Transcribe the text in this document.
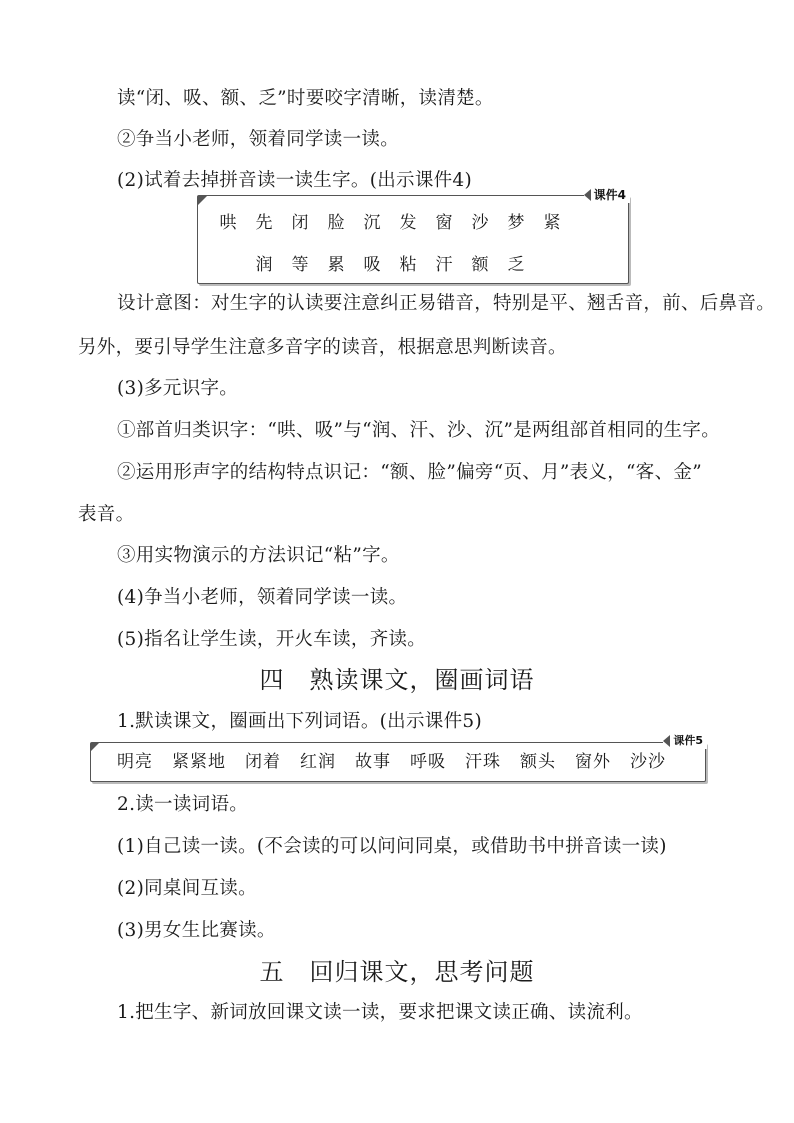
读“闭、吸、额、乏”时要咬字清晰，读清楚。
②争当小老师，领着同学读一读。
(2)试着去掉拼音读一读生字。(出示课件4)
课件4
哄	先	闭	脸	沉	发	窗	沙	梦	紧
润	等	累	吸	粘	汗	额	乏
设计意图：对生字的认读要注意纠正易错音，特别是平、翘舌音，前、后鼻音。
另外，要引导学生注意多音字的读音，根据意思判断读音。
(3)多元识字。
①部首归类识字：“哄、吸”与“润、汗、沙、沉”是两组部首相同的生字。
②运用形声字的结构特点识记：“额、脸”偏旁“页、月”表义，“客、金”
表音。
③用实物演示的方法识记“粘”字。
(4)争当小老师，领着同学读一读。
(5)指名让学生读，开火车读，齐读。
四　熟读课文，圈画词语
1.默读课文，圈画出下列词语。(出示课件5)
课件5
明亮 紧紧地 闭着 红润 故事 呼吸 汗珠 额头 窗外 沙沙
2.读一读词语。
(1)自己读一读。(不会读的可以问问同桌，或借助书中拼音读一读)
(2)同桌间互读。
(3)男女生比赛读。
五　回归课文，思考问题
1.把生字、新词放回课文读一读，要求把课文读正确、读流利。
